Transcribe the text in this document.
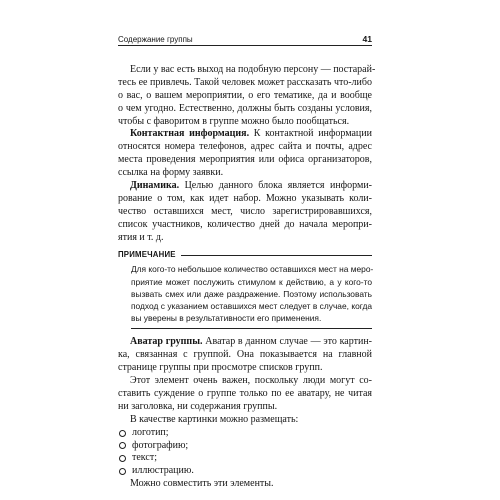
Содержание группы	41
Если у вас есть выход на подобную персону — постарай-
тесь ее привлечь. Такой человек может рассказать что-либо
о вас, о вашем мероприятии, о его тематике, да и вообще
о чем угодно. Естественно, должны быть созданы условия,
чтобы с фаворитом в группе можно было пообщаться.
Контактная информация. К контактной информации
относятся номера телефонов, адрес сайта и почты, адрес
места проведения мероприятия или офиса организаторов,
ссылка на форму заявки.
Динамика. Целью данного блока является информи-
рование о том, как идет набор. Можно указывать коли-
чество оставшихся мест, число зарегистрировавшихся,
список участников, количество дней до начала меропри-
ятия и т. д.
ПРИМЕЧАНИЕ
Для кого-то небольшое количество оставшихся мест на меро-
приятие может послужить стимулом к действию, а у кого-то
вызвать смех или даже раздражение. Поэтому использовать
подход с указанием оставшихся мест следует в случае, когда
вы уверены в результативности его применения.
Аватар группы. Аватар в данном случае — это картин-
ка, связанная с группой. Она показывается на главной
странице группы при просмотре списков групп.
Этот элемент очень важен, поскольку люди могут со-
ставить суждение о группе только по ее аватару, не читая
ни заголовка, ни содержания группы.
В качестве картинки можно размещать:
логотип;
фотографию;
текст;
иллюстрацию.
Можно совместить эти элементы.
